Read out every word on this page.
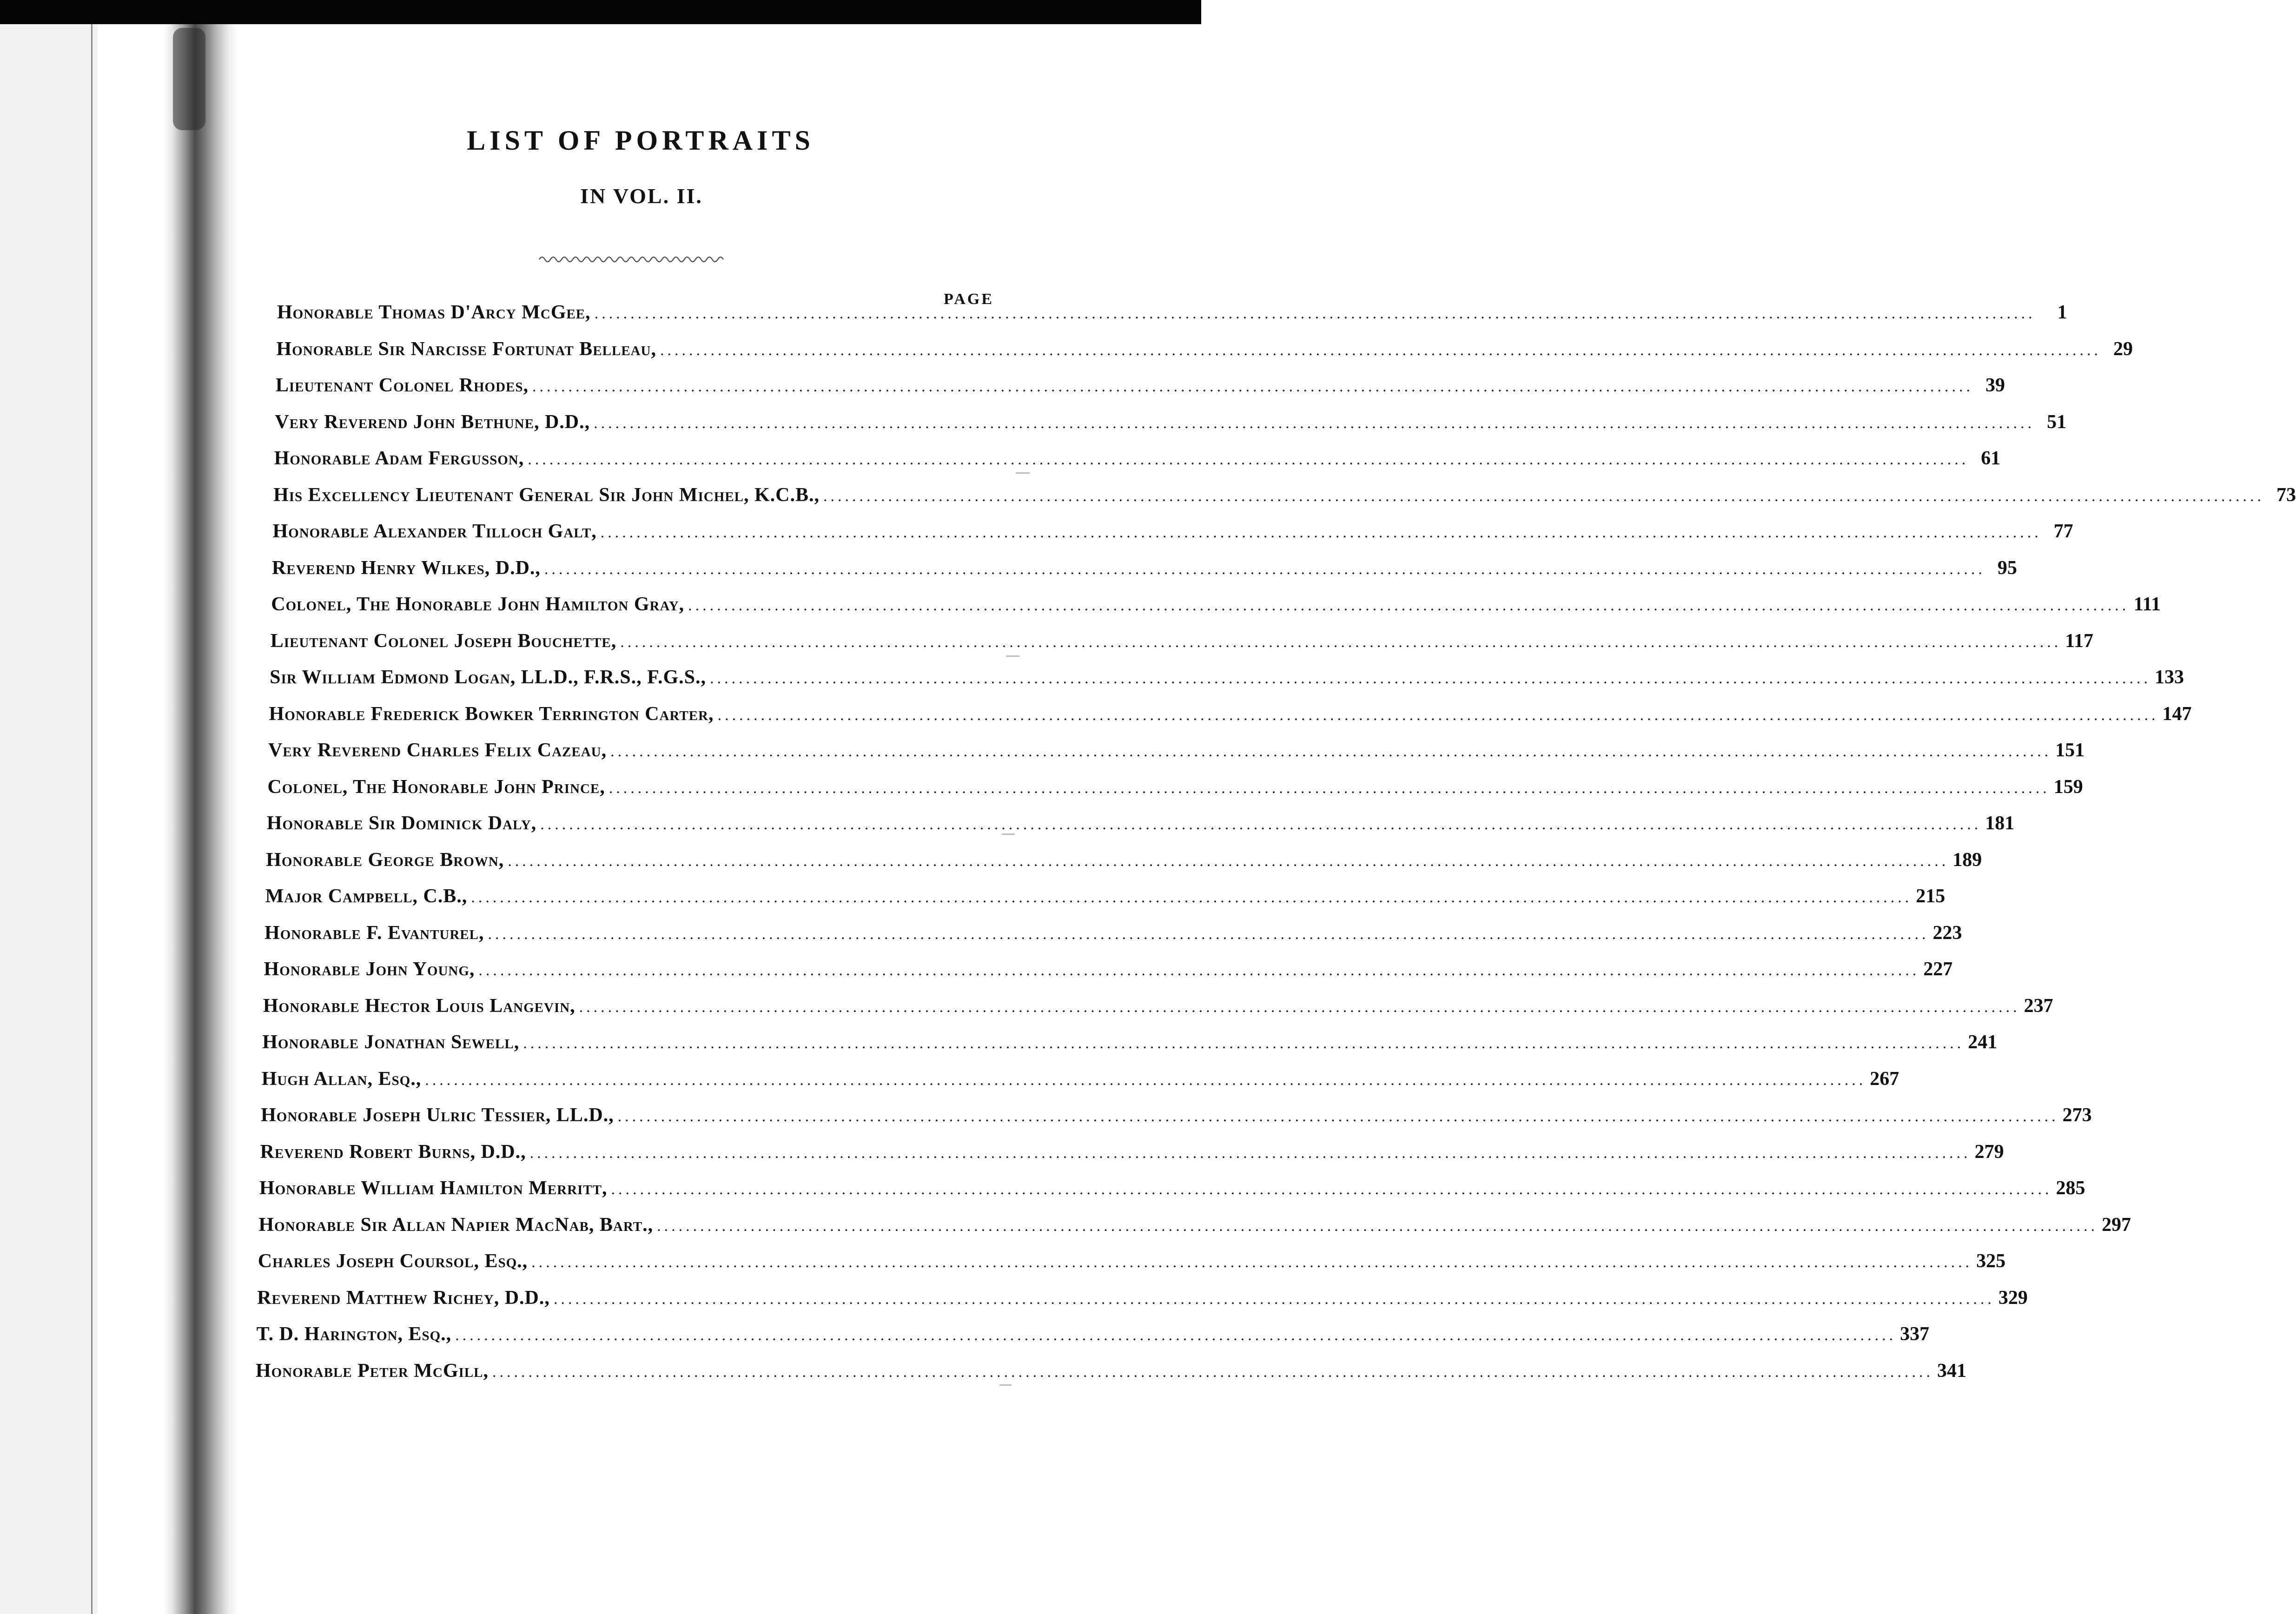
LIST OF PORTRAITS
IN VOL. II.
PAGE
Honorable Thomas D'Arcy McGee, ........................................................................................................................................................................................................	1
Honorable Sir Narcisse Fortunat Belleau, ........................................................................................................................................................................................................ 29
Lieutenant Colonel Rhodes, ........................................................................................................................................................................................................ 39
Very Reverend John Bethune, D.D., ........................................................................................................................................................................................................ 51
Honorable Adam Fergusson, ........................................................................................................................................................................................................ 61
His Excellency Lieutenant General Sir John Michel, K.C.B., ........................................................................................................................................................................................................ 73
Honorable Alexander Tilloch Galt, ........................................................................................................................................................................................................ 77
Reverend Henry Wilkes, D.D., ........................................................................................................................................................................................................ 95
Colonel, The Honorable John Hamilton Gray, ........................................................................................................................................................................................................ 111
Lieutenant Colonel Joseph Bouchette, ........................................................................................................................................................................................................ 117
Sir William Edmond Logan, LL.D., F.R.S., F.G.S., ........................................................................................................................................................................................................ 133
Honorable Frederick Bowker Terrington Carter, ........................................................................................................................................................................................................ 147
Very Reverend Charles Felix Cazeau, ........................................................................................................................................................................................................ 151
Colonel, The Honorable John Prince, ........................................................................................................................................................................................................ 159
Honorable Sir Dominick Daly, ........................................................................................................................................................................................................ 181
Honorable George Brown, ........................................................................................................................................................................................................ 189
Major Campbell, C.B., ........................................................................................................................................................................................................ 215
Honorable F. Evanturel, ........................................................................................................................................................................................................ 223
Honorable John Young, ........................................................................................................................................................................................................ 227
Honorable Hector Louis Langevin, ........................................................................................................................................................................................................ 237
Honorable Jonathan Sewell, ........................................................................................................................................................................................................ 241
Hugh Allan, Esq., ........................................................................................................................................................................................................ 267
Honorable Joseph Ulric Tessier, LL.D., ........................................................................................................................................................................................................ 273
Reverend Robert Burns, D.D., ........................................................................................................................................................................................................ 279
Honorable William Hamilton Merritt, ........................................................................................................................................................................................................ 285
Honorable Sir Allan Napier MacNab, Bart., ........................................................................................................................................................................................................ 297
Charles Joseph Coursol, Esq., ........................................................................................................................................................................................................ 325
Reverend Matthew Richey, D.D., ........................................................................................................................................................................................................ 329
T. D. Harington, Esq., ........................................................................................................................................................................................................ 337
Honorable Peter McGill, ........................................................................................................................................................................................................ 341
